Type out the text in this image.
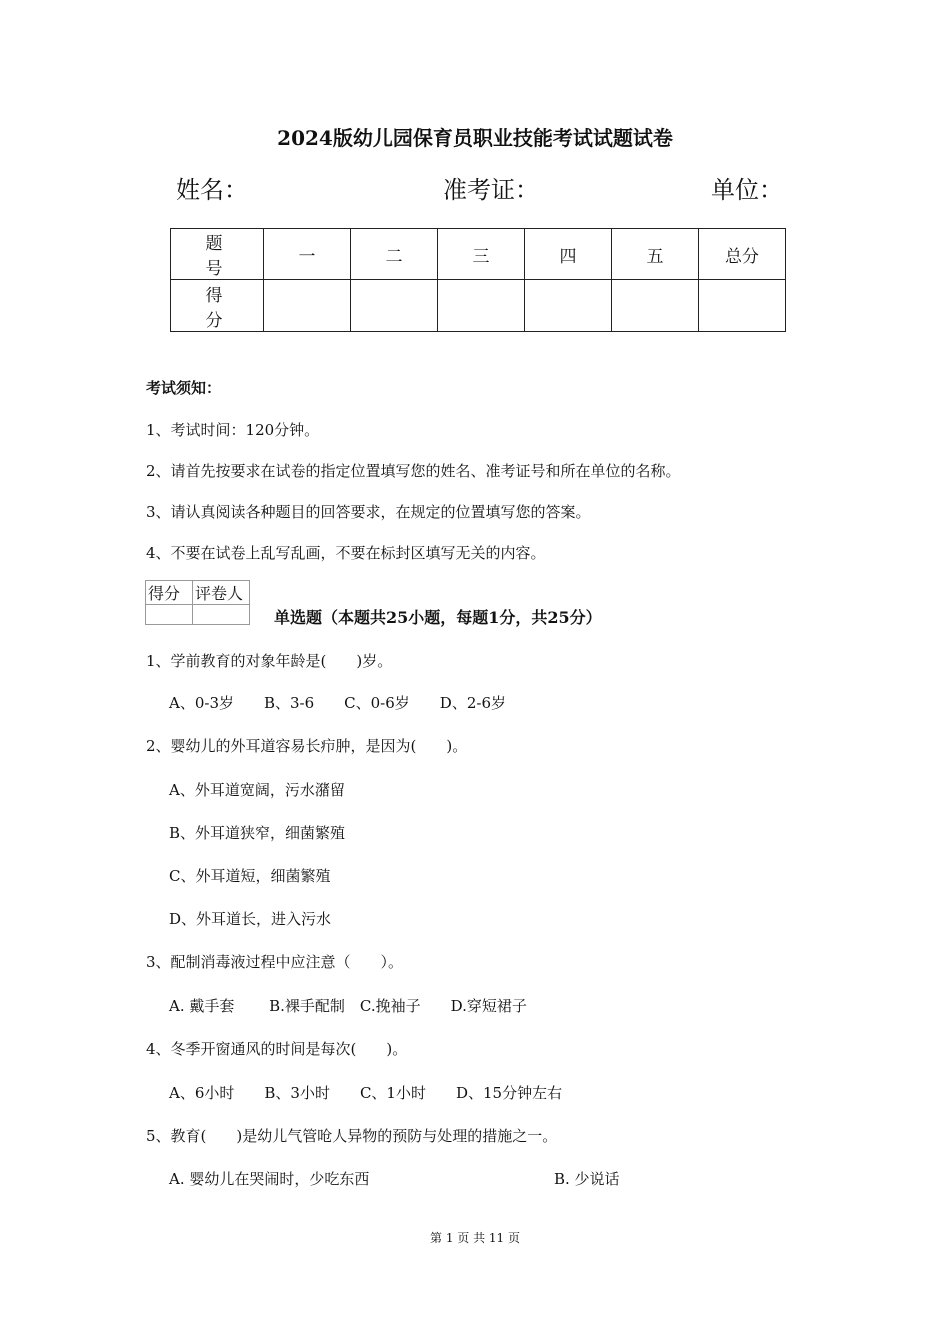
2024版幼儿园保育员职业技能考试试题试卷
姓名：	准考证：	单位：
题　号	一	二	三	四	五	总分
得　分						
考试须知：
1、考试时间：120分钟。
2、请首先按要求在试卷的指定位置填写您的姓名、准考证号和所在单位的名称。
3、请认真阅读各种题目的回答要求，在规定的位置填写您的答案。
4、不要在试卷上乱写乱画，不要在标封区填写无关的内容。
得分	评卷人

单选题（本题共25小题，每题1分，共25分）
1、学前教育的对象年龄是(　　)岁。
A、0-3岁　　B、3-6　　C、0-6岁　　D、2-6岁
2、婴幼儿的外耳道容易长疖肿，是因为(　　)。
A、外耳道宽阔，污水潴留
B、外耳道狭窄，细菌繁殖
C、外耳道短，细菌繁殖
D、外耳道长，进入污水
3、配制消毒液过程中应注意（　　）。
A. 戴手套　　 B.裸手配制　C.挽袖子　　D.穿短裙子
4、冬季开窗通风的时间是每次(　　)。
A、6小时　　B、3小时　　C、1小时　　D、15分钟左右
5、教育(　　)是幼儿气管呛人异物的预防与处理的措施之一。
A. 婴幼儿在哭闹时，少吃东西	B. 少说话
第 1 页 共 11 页
